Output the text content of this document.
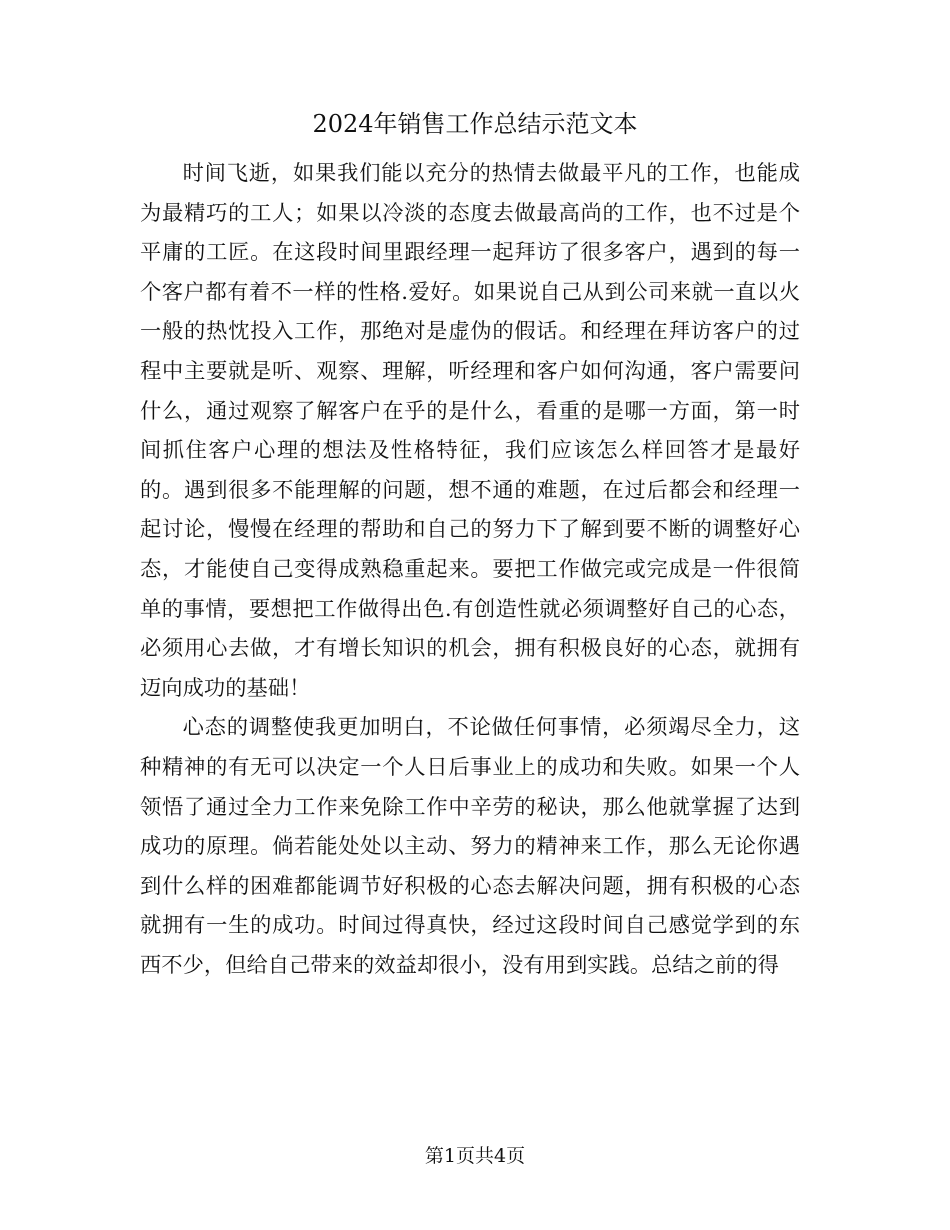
2024年销售工作总结示范文本

时间飞逝，如果我们能以充分的热情去做最平凡的工作，也能成为最精巧的工人；如果以冷淡的态度去做最高尚的工作，也不过是个平庸的工匠。在这段时间里跟经理一起拜访了很多客户，遇到的每一个客户都有着不一样的性格.爱好。如果说自己从到公司来就一直以火一般的热忱投入工作，那绝对是虚伪的假话。和经理在拜访客户的过程中主要就是听、观察、理解，听经理和客户如何沟通，客户需要问什么，通过观察了解客户在乎的是什么，看重的是哪一方面，第一时间抓住客户心理的想法及性格特征，我们应该怎么样回答才是最好的。遇到很多不能理解的问题，想不通的难题，在过后都会和经理一起讨论，慢慢在经理的帮助和自己的努力下了解到要不断的调整好心态，才能使自己变得成熟稳重起来。要把工作做完或完成是一件很简单的事情，要想把工作做得出色.有创造性就必须调整好自己的心态，必须用心去做，才有增长知识的机会，拥有积极良好的心态，就拥有迈向成功的基础！

心态的调整使我更加明白，不论做任何事情，必须竭尽全力，这种精神的有无可以决定一个人日后事业上的成功和失败。如果一个人领悟了通过全力工作来免除工作中辛劳的秘诀，那么他就掌握了达到成功的原理。倘若能处处以主动、努力的精神来工作，那么无论你遇到什么样的困难都能调节好积极的心态去解决问题，拥有积极的心态就拥有一生的成功。时间过得真快，经过这段时间自己感觉学到的东西不少，但给自己带来的效益却很小，没有用到实践。总结之前的得

第1页共4页
